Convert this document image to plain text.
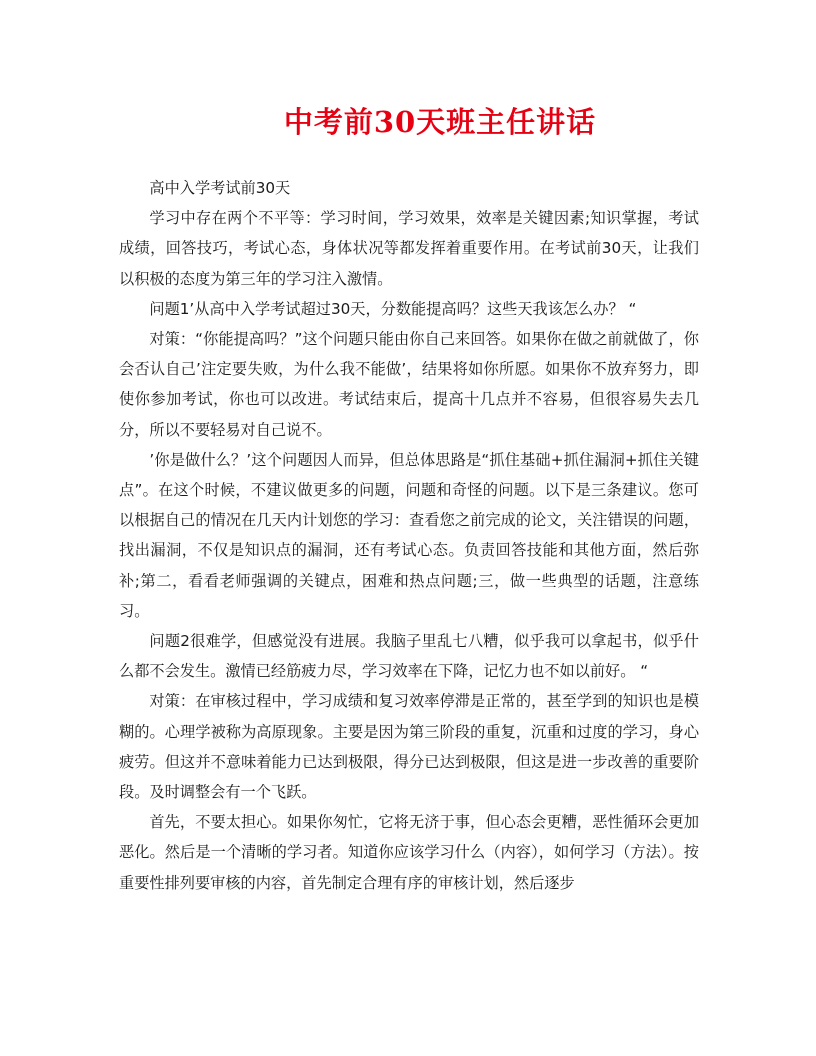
中考前30天班主任讲话

高中入学考试前30天

学习中存在两个不平等：学习时间，学习效果，效率是关键因素;知识掌握，考试成绩，回答技巧，考试心态，身体状况等都发挥着重要作用。在考试前30天，让我们以积极的态度为第三年的学习注入激情。

问题1’从高中入学考试超过30天，分数能提高吗？这些天我该怎么办？ “

对策：“你能提高吗？”这个问题只能由你自己来回答。如果你在做之前就做了，你会否认自己’注定要失败，为什么我不能做’，结果将如你所愿。如果你不放弃努力，即使你参加考试，你也可以改进。考试结束后，提高十几点并不容易，但很容易失去几分，所以不要轻易对自己说不。

’你是做什么？’这个问题因人而异，但总体思路是“抓住基础+抓住漏洞+抓住关键点”。在这个时候，不建议做更多的问题，问题和奇怪的问题。以下是三条建议。您可以根据自己的情况在几天内计划您的学习：查看您之前完成的论文，关注错误的问题，找出漏洞，不仅是知识点的漏洞，还有考试心态。负责回答技能和其他方面，然后弥补;第二，看看老师强调的关键点，困难和热点问题;三，做一些典型的话题，注意练习。

问题2很难学，但感觉没有进展。我脑子里乱七八糟，似乎我可以拿起书，似乎什么都不会发生。激情已经筋疲力尽，学习效率在下降，记忆力也不如以前好。 “

对策：在审核过程中，学习成绩和复习效率停滞是正常的，甚至学到的知识也是模糊的。心理学被称为高原现象。主要是因为第三阶段的重复，沉重和过度的学习，身心疲劳。但这并不意味着能力已达到极限，得分已达到极限，但这是进一步改善的重要阶段。及时调整会有一个飞跃。

首先，不要太担心。如果你匆忙，它将无济于事，但心态会更糟，恶性循环会更加恶化。然后是一个清晰的学习者。知道你应该学习什么（内容），如何学习（方法）。按重要性排列要审核的内容，首先制定合理有序的审核计划，然后逐步
